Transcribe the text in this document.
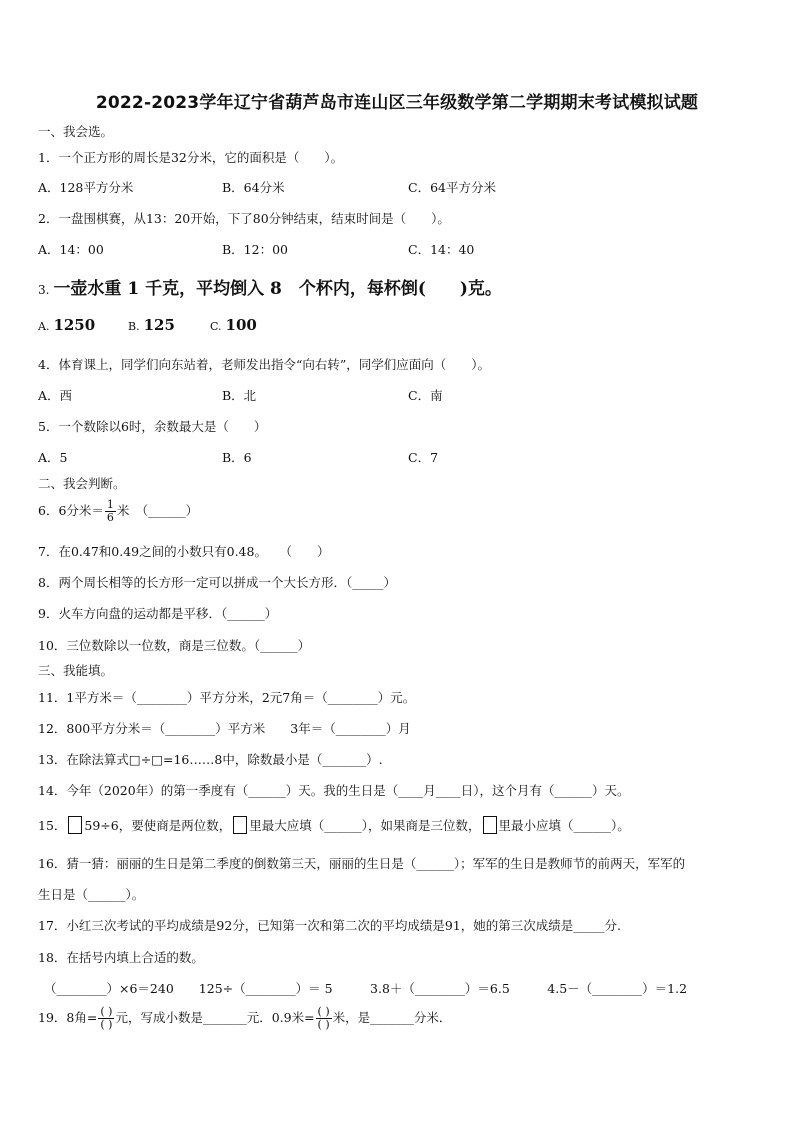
2022-2023学年辽宁省葫芦岛市连山区三年级数学第二学期期末考试模拟试题
一、我会选。
1．一个正方形的周长是32分米，它的面积是（　　）。
A．128平方分米	B．64分米	C．64平方分米
2．一盘围棋赛，从13：20开始，下了80分钟结束，结束时间是（　　）。
A．14：00	B．12：00	C．14：40
3. 一壶水重 1 千克，平均倒入 8　个杯内，每杯倒(　　)克。
A. 1250	B. 125	C. 100
4．体育课上，同学们向东站着，老师发出指令“向右转”，同学们应面向（　　）。
A．西	B．北	C．南
5．一个数除以6时，余数最大是（　　）
A．5	B．6	C．7
二、我会判断。
6．6分米＝ $\frac{1}{6}$ 米　（______）
7．在0.47和0.49之间的小数只有0.48。　　（　　）
8．两个周长相等的长方形一定可以拼成一个大长方形．（_____）
9．火车方向盘的运动都是平移．（______）
10．三位数除以一位数，商是三位数。（______）
三、我能填。
11．1平方米＝（________）平方分米，2元7角＝（________）元。
12．800平方分米＝（________）平方米　　3年＝（________）月
13．在除法算式□÷□=16……8中，除数最小是（_______）.
14．今年（2020年）的第一季度有（______）天。我的生日是（____月____日），这个月有（______）天。
15． 59÷6，要使商是两位数， 里最大应填（______），如果商是三位数， 里最小应填（______）。
16．猜一猜：丽丽的生日是第二季度的倒数第三天，丽丽的生日是（______）；军军的生日是教师节的前两天，军军的
生日是（______）。
17．小红三次考试的平均成绩是92分，已知第一次和第二次的平均成绩是91，她的第三次成绩是_____分.
18．在括号内填上合适的数。
（________）×6＝240　　125÷（________）＝ 5　　　3.8＋（________）＝6.5　　　4.5－（________）＝1.2
19．8角= $\frac{( )}{( )}$ 元，写成小数是_______元．0.9米= $\frac{( )}{( )}$ 米，是_______分米．
